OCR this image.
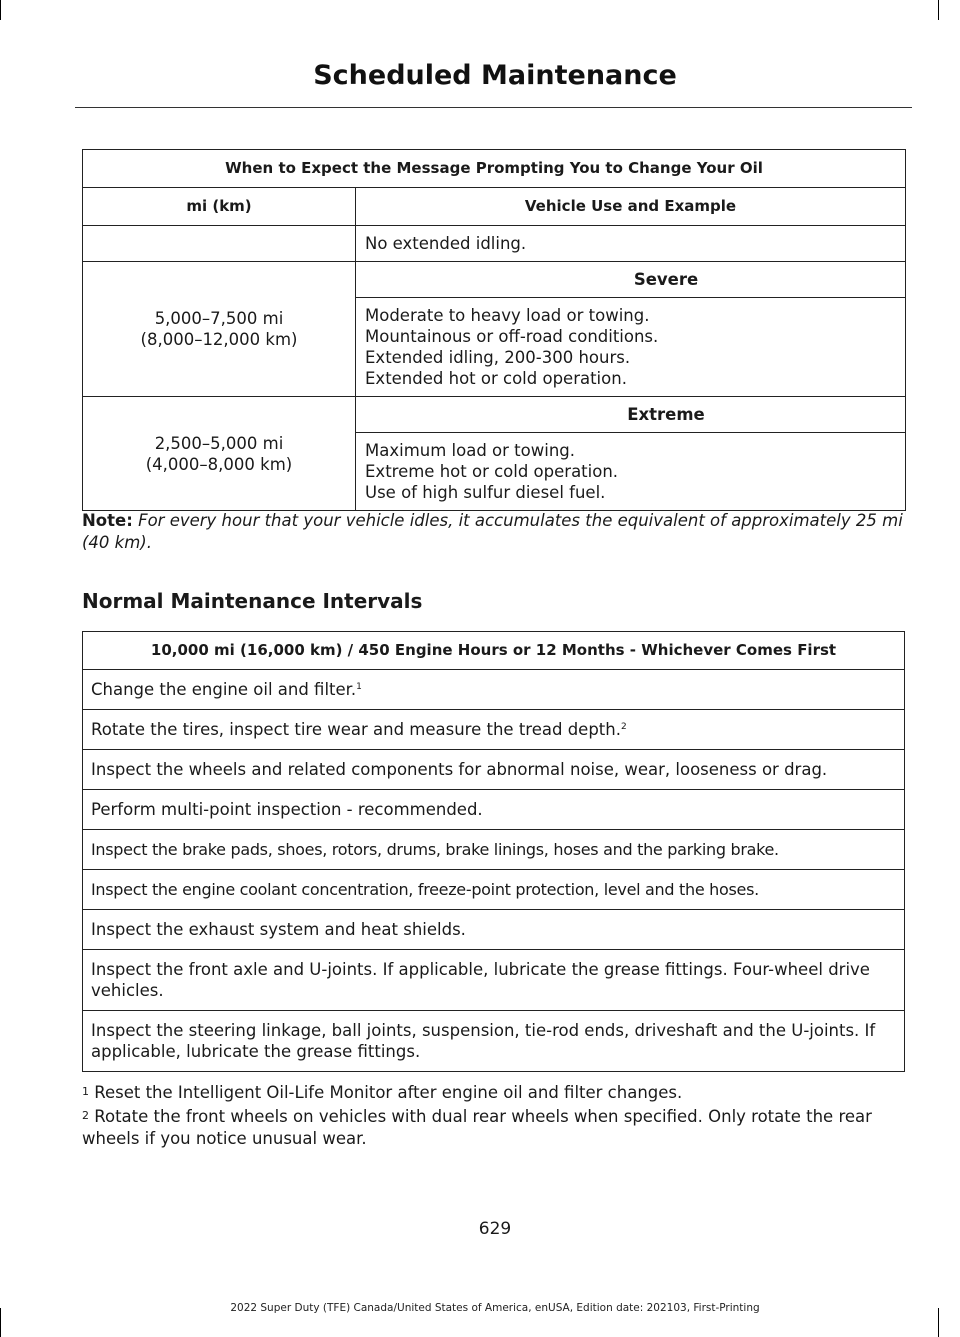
Scheduled Maintenance
When to Expect the Message Prompting You to Change Your Oil	
mi (km)	Vehicle Use and Example
	No extended idling.

5,000–7,500 mi
(8,000–12,000 km)	Severe

	Moderate to heavy load or towing.
Mountainous or off-road conditions.
Extended idling, 200-300 hours.
Extended hot or cold operation.

2,500–5,000 mi
(4,000–8,000 km)	Extreme

	Maximum load or towing.
Extreme hot or cold operation.
Use of high sulfur diesel fuel.
Note: For every hour that your vehicle idles, it accumulates the equivalent of approximately 25 mi (40 km).
Normal Maintenance Intervals
10,000 mi (16,000 km) / 450 Engine Hours or 12 Months - Whichever Comes First
Change the engine oil and filter.$^1$
Rotate the tires, inspect tire wear and measure the tread depth.$^2$
Inspect the wheels and related components for abnormal noise, wear, looseness or drag.
Perform multi-point inspection - recommended.
Inspect the brake pads, shoes, rotors, drums, brake linings, hoses and the parking brake.
Inspect the engine coolant concentration, freeze-point protection, level and the hoses.
Inspect the exhaust system and heat shields.
Inspect the front axle and U-joints. If applicable, lubricate the grease fittings. Four-wheel drive vehicles.
Inspect the steering linkage, ball joints, suspension, tie-rod ends, driveshaft and the U-joints. If applicable, lubricate the grease fittings.

$^1$ Reset the Intelligent Oil-Life Monitor after engine oil and filter changes.

$^2$ Rotate the front wheels on vehicles with dual rear wheels when specified. Only rotate the rear wheels if you notice unusual wear.

629
2022 Super Duty (TFE) Canada/United States of America, enUSA, Edition date: 202103, First-Printing
